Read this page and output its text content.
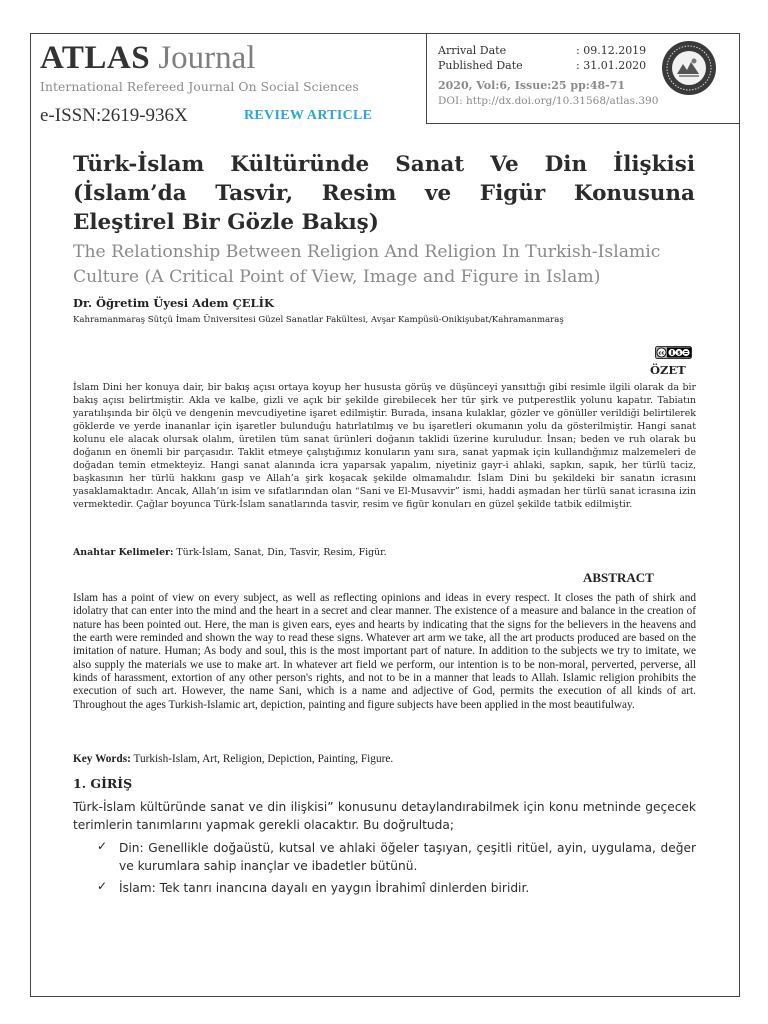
ATLAS Journal
International Refereed Journal On Social Sciences
e-ISSN:2619-936X	REVIEW ARTICLE
Arrival Date	: 09.12.2019
Published Date	: 31.01.2020
2020, Vol:6, Issue:25 pp:48-71
DOI: http://dx.doi.org/10.31568/atlas.390
Türk-İslam Kültüründe Sanat Ve Din İlişkisi (İslam’da Tasvir, Resim ve Figür Konusuna Eleştirel Bir Gözle Bakış)
The Relationship Between Religion And Religion In Turkish-Islamic Culture (A Critical Point of View, Image and Figure in Islam)
Dr. Öğretim Üyesi Adem ÇELİK
Kahramanmaraş Sütçü İmam Üniversitesi Güzel Sanatlar Fakültesi, Avşar Kampüsü-Onikişubat/Kahramanmaraş
cc	$
ÖZET
İslam Dini her konuya dair, bir bakış açısı ortaya koyup her hususta görüş ve düşünceyi yansıttığı gibi resimle ilgili olarak da bir bakış açısı belirtmiştir. Akla ve kalbe, gizli ve açık bir şekilde girebilecek her tür şirk ve putperestlik yolunu kapatır. Tabiatın yaratılışında bir ölçü ve dengenin mevcudiyetine işaret edilmiştir. Burada, insana kulaklar, gözler ve gönüller verildiği belirtilerek göklerde ve yerde inananlar için işaretler bulunduğu hatırlatılmış ve bu işaretleri okumanın yolu da gösterilmiştir. Hangi sanat kolunu ele alacak olursak olalım, üretilen tüm sanat ürünleri doğanın taklidi üzerine kuruludur. İnsan; beden ve ruh olarak bu doğanın en önemli bir parçasıdır. Taklit etmeye çalıştığımız konuların yanı sıra, sanat yapmak için kullandığımız malzemeleri de doğadan temin etmekteyiz. Hangi sanat alanında icra yaparsak yapalım, niyetiniz gayr-i ahlaki, sapkın, sapık, her türlü taciz, başkasının her türlü hakkını gasp ve Allah’a şirk koşacak şekilde olmamalıdır. İslam Dini bu şekildeki bir sanatın icrasını yasaklamaktadır. Ancak, Allah’ın isim ve sıfatlarından olan “Sani ve El-Musavvir” ismi, haddi aşmadan her türlü sanat icrasına izin vermektedir. Çağlar boyunca Türk-İslam sanatlarında tasvir, resim ve figür konuları en güzel şekilde tatbik edilmiştir.
Anahtar Kelimeler: Türk-İslam, Sanat, Din, Tasvir, Resim, Figür.
ABSTRACT
Islam has a point of view on every subject, as well as reflecting opinions and ideas in every respect. It closes the path of shirk and idolatry that can enter into the mind and the heart in a secret and clear manner. The existence of a measure and balance in the creation of nature has been pointed out. Here, the man is given ears, eyes and hearts by indicating that the signs for the believers in the heavens and the earth were reminded and shown the way to read these signs. Whatever art arm we take, all the art products produced are based on the imitation of nature. Human; As body and soul, this is the most important part of nature. In addition to the subjects we try to imitate, we also supply the materials we use to make art. In whatever art field we perform, our intention is to be non-moral, perverted, perverse, all kinds of harassment, extortion of any other person's rights, and not to be in a manner that leads to Allah. Islamic religion prohibits the execution of such art. However, the name Sani, which is a name and adjective of God, permits the execution of all kinds of art. Throughout the ages Turkish-Islamic art, depiction, painting and figure subjects have been applied in the most beautifulway.
Key Words: Turkish-Islam, Art, Religion, Depiction, Painting, Figure.
1. GİRİŞ
Türk-İslam kültüründe sanat ve din ilişkisi” konusunu detaylandırabilmek için konu metninde geçecek terimlerin tanımlarını yapmak gerekli olacaktır. Bu doğrultuda;
✓ Din: Genellikle doğaüstü, kutsal ve ahlaki öğeler taşıyan, çeşitli ritüel, ayin, uygulama, değer ve kurumlara sahip inançlar ve ibadetler bütünü.
✓ İslam: Tek tanrı inancına dayalı en yaygın İbrahimî dinlerden biridir.
